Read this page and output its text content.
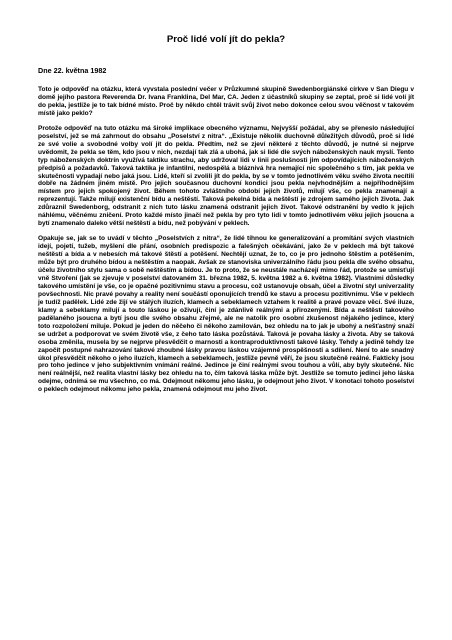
Proč lidé volí jít do pekla?
Dne 22. května 1982

Toto je odpověď na otázku, která vyvstala poslední večer v Průzkumné skupině Swedenborgiánské církve v San Diegu v domě jejího pastora Reverenda Dr. Ivana Franklina, Del Mar, CA. Jeden z účastníků skupiny se zeptal, proč si lidé volí jít do pekla, jestliže je to tak bídné místo. Proč by někdo chtěl trávit svůj život nebo dokonce celou svou věčnost v takovém místě jako peklo?

Protože odpověď na tuto otázku má široké implikace obecného významu, Nejvyšší požádal, aby se přeneslo následující poselství, jež se má zahrnout do obsahu „Poselství z nitra“. „Existuje několik duchovně důležitých důvodů, proč si lidé ze své volie a svobodné volby volí jít do pekla. Předtím, než se zjeví některé z těchto důvodů, je nutné si nejprve uvědomit, že pekla se těm, kdo jsou v nich, nezdají tak zlá a ubohá, jak si lidé dle svých náboženských nauk myslí. Tento typ náboženských doktrín využívá taktiku strachu, aby udržoval lidi v linii poslušnosti jim odpovídajících náboženských předpisů a požadavků. Taková taktika je infantilní, nedospělá a bláznivá hra nemající nic společného s tím, jak pekla ve skutečnosti vypadají nebo jaká jsou. Lidé, kteří si zvolili jít do pekla, by se v tomto jednotlivém věku svého života necítili dobře na žádném jiném místě. Pro jejich současnou duchovní kondici jsou pekla nejvhodnějším a nejpříhodnějším místem pro jejich spokojený život. Během tohoto zvláštního období jejich životů, milují vše, co pekla znamenají a reprezentují. Takže milují existenční bídu a neštěstí. Taková pekelná bída a neštěstí je zdrojem samého jejich života. Jak zdůraznil Swedenborg, odstranit z nich tuto lásku znamená odstranit jejich život. Takové odstranění by vedlo k jejich náhlému, věčnému zničení. Proto každé místo jinačí než pekla by pro tyto lidi v tomto jednotlivém věku jejich jsoucna a bytí znamenalo daleko větší neštěstí a bídu, než pobývání v peklech.

Opakuje se, jak se to uvádí v těchto „Poselstvích z nitra“, že lidé tíhnou ke generalizování a promítání svých vlastních idejí, pojetí, tužeb, myšlení dle přání, osobních predispozic a falešných očekávání, jako že v peklech má být takové neštěstí a bída a v nebesích má takové štěstí a potěšení. Nechtějí uznat, že to, co je pro jednoho štěstím a potěšením, může být pro druhého bídou a neštěstím a naopak. Avšak ze stanoviska univerzálního řádu jsou pekla dle svého obsahu, účelu životního stylu sama o sobě neštěstím a bídou. Je to proto, že se neustále nacházejí mimo řád, protože se umisťují vně Stvoření (jak se zjevuje v poselství datovaném 31. března 1982, 5. května 1982 a 6. května 1982). Vlastními důsledky takového umístění je vše, co je opačné pozitivnímu stavu a procesu, což ustanovuje obsah, účel a životní styl univerzality povšechnosti. Nic pravé povahy a reality není součástí oponujících trendů ke stavu a procesu pozitivnímu. Vše v peklech je tudíž padělek. Lidé zde žijí ve stálých iluzích, klamech a sebeklamech vztahem k realitě a pravé povaze věcí. Své iluze, klamy a sebeklamy milují a touto láskou je oživují, činí je zdánlivě reálnými a přirozenými. Bída a neštěstí takového padělaného jsoucna a bytí jsou dle svého obsahu zřejmé, ale ne natolik pro osobní zkušenost nějakého jedince, který toto rozpoložení miluje. Pokud je jeden do něčeho či někoho zamilován, bez ohledu na to jak je ubohý a nešťastný snaží se udržet a podporovat ve svém životě vše, z čeho tato láska pozůstává. Taková je povaha lásky a života. Aby se taková osoba změnila, musela by se nejprve přesvědčit o marnosti a kontraproduktivnosti takové lásky. Tehdy a jedině tehdy lze započít postupné nahrazování takové zhoubné lásky pravou láskou vzájemné prospěšnosti a sdílení. Není to ale snadný úkol přesvědčit někoho o jeho iluzích, klamech a sebeklamech, jestliže pevně věří, že jsou skutečně reálné. Fakticky jsou pro toho jedince v jeho subjektivním vnímání reálné. Jedince je činí reálnými svou touhou a vůlí, aby byly skutečné. Nic není reálnější, než realita vlastní lásky bez ohledu na to, čím taková láska může být. Jestliže se tomuto jedinci jeho láska odejme, odnímá se mu všechno, co má. Odejmout někomu jeho lásku, je odejmout jeho život. V konotaci tohoto poselství o peklech odejmout někomu jeho pekla, znamená odejmout mu jeho život.
